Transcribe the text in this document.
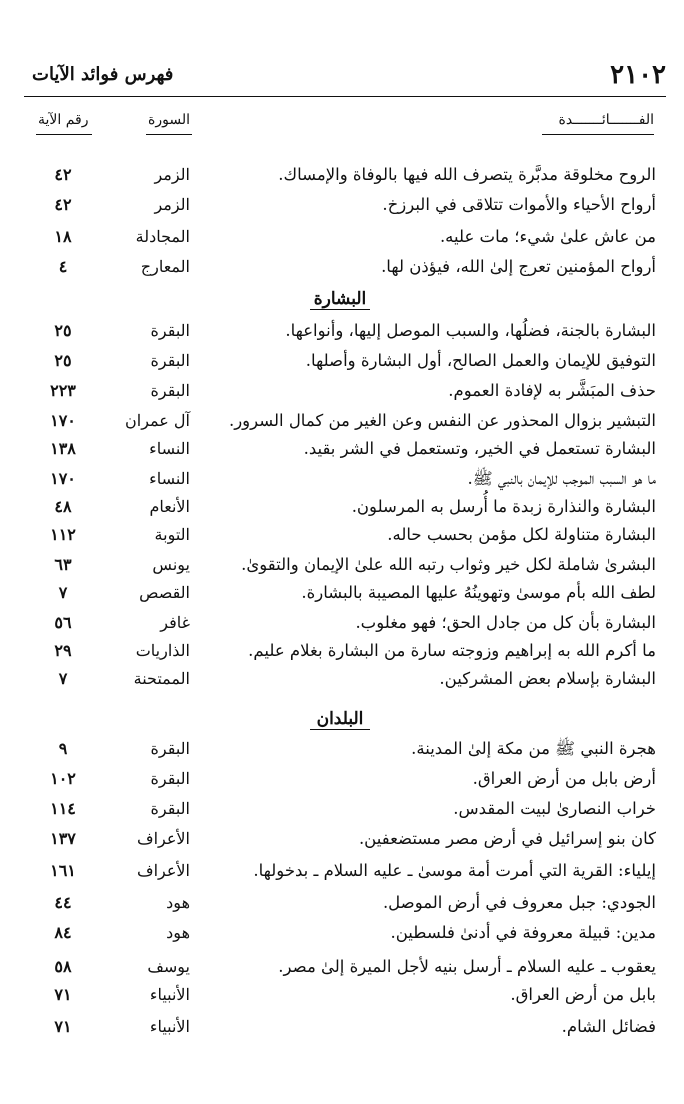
فهرس فوائد الآيات	٢١٠٢
الفـــــــائـــــــدة
السورة
رقم الآية
الروح مخلوقة مدبَّرة يتصرف الله فيها بالوفاة والإمساك.
الزمر
٤٢
أرواح الأحياء والأموات تتلاقى في البرزخ.
الزمر
٤٢
من عاش علىٰ شيء؛ مات عليه.
المجادلة
١٨
أرواح المؤمنين تعرج إلىٰ الله، فيؤذن لها.
المعارج
٤
البشارة
البشارة بالجنة، فضلُها، والسبب الموصل إليها، وأنواعها.
البقرة
٢٥
التوفيق للإيمان والعمل الصالح، أول البشارة وأصلها.
البقرة
٢٥
حذف المبَشَّر به لإفادة العموم.
البقرة
٢٢٣
التبشير بزوال المحذور عن النفس وعن الغير من كمال السرور.
آل عمران
١٧٠
البشارة تستعمل في الخير، وتستعمل في الشر بقيد.
النساء
١٣٨
ما هو السبب الموجب للإيمان بالنبي ﷺ.
النساء
١٧٠
البشارة والنذارة زبدة ما أُرسل به المرسلون.
الأنعام
٤٨
البشارة متناولة لكل مؤمن بحسب حاله.
التوبة
١١٢
البشرىٰ شاملة لكل خير وثواب رتبه الله علىٰ الإيمان والتقوىٰ.
يونس
٦٣
لطف الله بأم موسىٰ وتهوينُهُ عليها المصيبة بالبشارة.
القصص
٧
البشارة بأن كل من جادل الحق؛ فهو مغلوب.
غافر
٥٦
ما أكرم الله به إبراهيم وزوجته سارة من البشارة بغلام عليم.
الذاريات
٢٩
البشارة بإسلام بعض المشركين.
الممتحنة
٧
البلدان
هجرة النبي ﷺ من مكة إلىٰ المدينة.
البقرة
٩
أرض بابل من أرض العراق.
البقرة
١٠٢
خراب النصارىٰ لبيت المقدس.
البقرة
١١٤
كان بنو إسرائيل في أرض مصر مستضعفين.
الأعراف
١٣٧
إيلياء: القرية التي أمرت أمة موسىٰ ـ عليه السلام ـ بدخولها.
الأعراف
١٦١
الجودي: جبل معروف في أرض الموصل.
هود
٤٤
مدين: قبيلة معروفة في أدنىٰ فلسطين.
هود
٨٤
يعقوب ـ عليه السلام ـ أرسل بنيه لأجل الميرة إلىٰ مصر.
يوسف
٥٨
بابل من أرض العراق.
الأنبياء
٧١
فضائل الشام.
الأنبياء
٧١
